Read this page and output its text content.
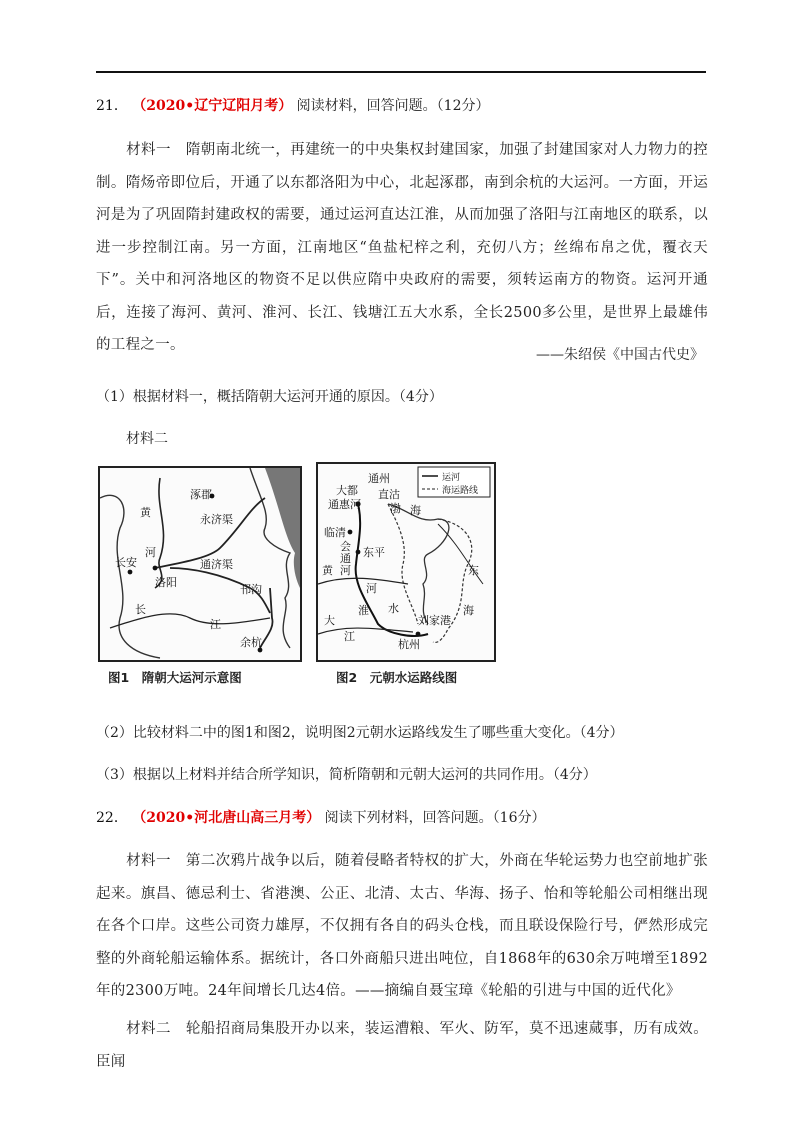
21． （2020•辽宁辽阳月考） 阅读材料，回答问题。（12分）
材料一　隋朝南北统一，再建统一的中央集权封建国家，加强了封建国家对人力物力的控制。隋炀帝即位后，开通了以东都洛阳为中心，北起涿郡，南到余杭的大运河。一方面，开运河是为了巩固隋封建政权的需要，通过运河直达江淮，从而加强了洛阳与江南地区的联系，以进一步控制江南。另一方面，江南地区“鱼盐杞梓之利，充仞八方；丝绵布帛之优，覆衣天下”。关中和河洛地区的物资不足以供应隋中央政府的需要，须转运南方的物资。运河开通后，连接了海河、黄河、淮河、长江、钱塘江五大水系，全长2500多公里，是世界上最雄伟的工程之一。
——朱绍侯《中国古代史》
（1）根据材料一，概括隋朝大运河开通的原因。（4分）
材料二
涿郡
永济渠
黄
河
长安
洛阳
通济渠
邗沟
长
江
余杭
图1　隋朝大运河示意图
运河
海运路线
大都
通惠河
通州
直沽
渤 海
临清
会
通
河
东平
黄
河
淮 水
大
江
杭州
刘家港
东
海
图2　元朝水运路线图
（2）比较材料二中的图1和图2，说明图2元朝水运路线发生了哪些重大变化。（4分）
（3）根据以上材料并结合所学知识，简析隋朝和元朝大运河的共同作用。（4分）
22． （2020•河北唐山高三月考） 阅读下列材料，回答问题。（16分）
材料一　第二次鸦片战争以后，随着侵略者特权的扩大，外商在华轮运势力也空前地扩张起来。旗昌、德忌利士、省港澳、公正、北清、太古、华海、扬子、怡和等轮船公司相继出现在各个口岸。这些公司资力雄厚，不仅拥有各自的码头仓栈，而且联设保险行号，俨然形成完整的外商轮船运输体系。据统计，各口外商船只进出吨位，自1868年的630余万吨增至1892年的2300万吨。24年间增长几达4倍。——摘编自聂宝璋《轮船的引进与中国的近代化》
材料二　轮船招商局集股开办以来，装运漕粮、军火、防军，莫不迅速蒇事，历有成效。臣闻
